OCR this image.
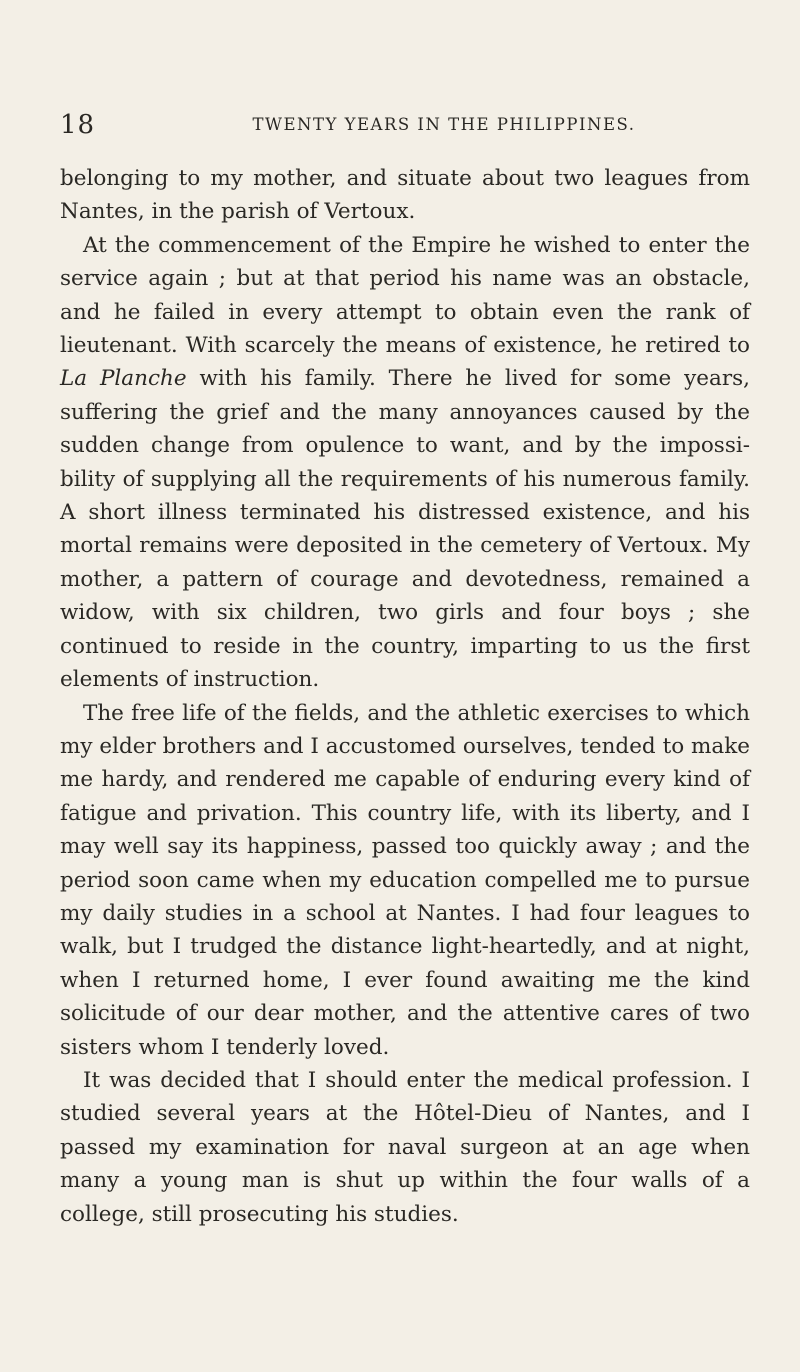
18	TWENTY YEARS IN THE PHILIPPINES.

belonging to my mother, and situate about two leagues from Nantes, in the parish of Vertoux.

At the commencement of the Empire he wished to enter the service again ; but at that period his name was an obstacle, and he failed in every attempt to obtain even the rank of lieutenant. With scarcely the means of existence, he retired to La Planche with his family. There he lived for some years, suffering the grief and the many annoyances caused by the sudden change from opulence to want, and by the impossibility of supplying all the requirements of his numerous family. A short illness terminated his distressed existence, and his mortal remains were deposited in the cemetery of Vertoux. My mother, a pattern of courage and devotedness, remained a widow, with six children, two girls and four boys ; she continued to reside in the country, imparting to us the first elements of instruction.

The free life of the fields, and the athletic exercises to which my elder brothers and I accustomed ourselves, tended to make me hardy, and rendered me capable of enduring every kind of fatigue and privation. This country life, with its liberty, and I may well say its happiness, passed too quickly away ; and the period soon came when my education compelled me to pursue my daily studies in a school at Nantes. I had four leagues to walk, but I trudged the distance light-heartedly, and at night, when I returned home, I ever found awaiting me the kind solicitude of our dear mother, and the attentive cares of two sisters whom I tenderly loved.

It was decided that I should enter the medical profession. I studied several years at the Hôtel-Dieu of Nantes, and I passed my examination for naval surgeon at an age when many a young man is shut up within the four walls of a college, still prosecuting his studies.
